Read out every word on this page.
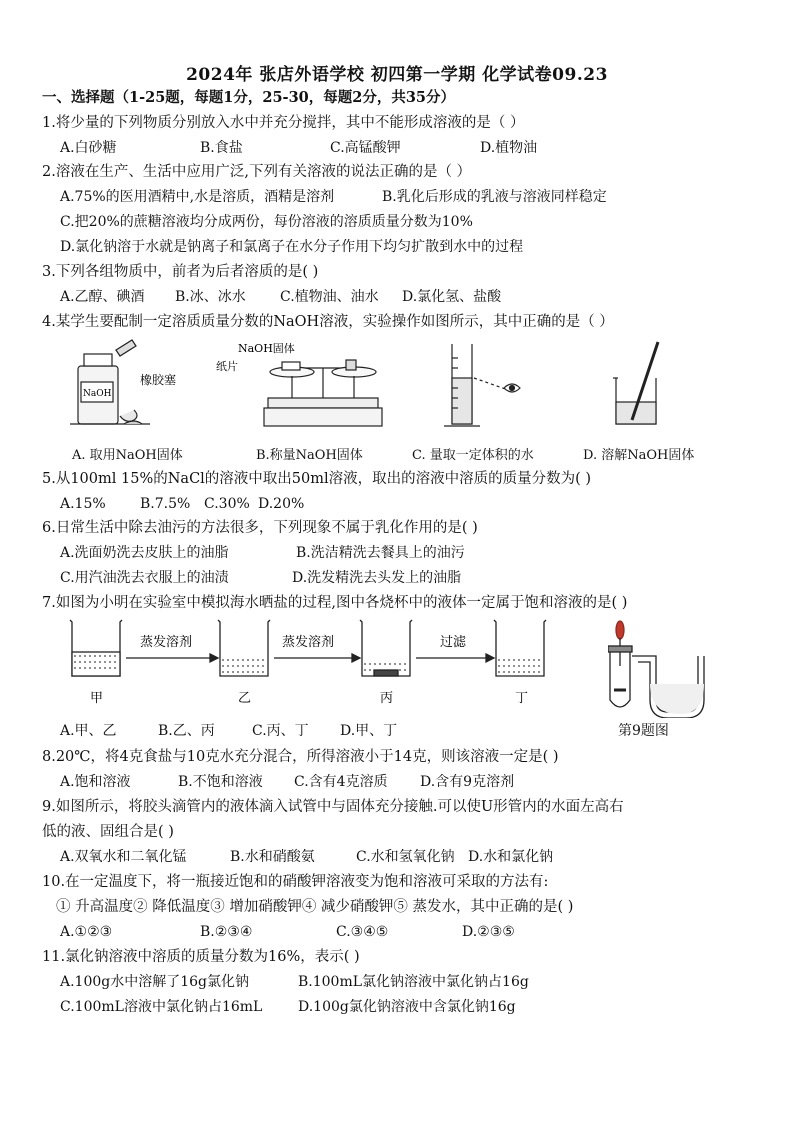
2024年 张店外语学校 初四第一学期 化学试卷09.23
一、选择题（1-25题，每题1分，25-30，每题2分，共35分）
1.将少量的下列物质分别放入水中并充分搅拌，其中不能形成溶液的是（ ）
A.白砂糖	B.食盐	C.高锰酸钾	D.植物油
2.溶液在生产、生活中应用广泛,下列有关溶液的说法正确的是（ ）
A.75%的医用酒精中,水是溶质，酒精是溶剂	B.乳化后形成的乳液与溶液同样稳定
C.把20%的蔗糖溶液均分成两份，每份溶液的溶质质量分数为10%
D.氯化钠溶于水就是钠离子和氯离子在水分子作用下均匀扩散到水中的过程
3.下列各组物质中，前者为后者溶质的是( )
A.乙醇、碘酒 B.冰、冰水 C.植物油、油水 D.氯化氢、盐酸
4.某学生要配制一定溶质质量分数的NaOH溶液，实验操作如图所示，其中正确的是（ ）
NaOH
橡胶塞
NaOH固体
纸片
A. 取用NaOH固体	B.称量NaOH固体	C. 量取一定体积的水	D. 溶解NaOH固体
5.从100ml 15%的NaCl的溶液中取出50ml溶液，取出的溶液中溶质的质量分数为( )
A.15% B.7.5% C.30% D.20%
6.日常生活中除去油污的方法很多，下列现象不属于乳化作用的是( )
A.洗面奶洗去皮肤上的油脂	B.洗洁精洗去餐具上的油污
C.用汽油洗去衣服上的油渍	D.洗发精洗去头发上的油脂
7.如图为小明在实验室中模拟海水晒盐的过程,图中各烧杯中的液体一定属于饱和溶液的是( )
蒸发溶剂	蒸发溶剂	过滤
甲	乙	丙	丁
A.甲、乙	B.乙、丙	C.丙、丁 D.甲、丁	第9题图
8.20℃，将4克食盐与10克水充分混合，所得溶液小于14克，则该溶液一定是( )
A.饱和溶液	B.不饱和溶液 C.含有4克溶质 D.含有9克溶剂
9.如图所示，将胶头滴管内的液体滴入试管中与固体充分接触.可以使U形管内的水面左高右
低的液、固组合是( )
A.双氧水和二氧化锰	B.水和硝酸氨	C.水和氢氧化钠 D.水和氯化钠
10.在一定温度下，将一瓶接近饱和的硝酸钾溶液变为饱和溶液可采取的方法有:
① 升高温度② 降低温度③ 增加硝酸钾④ 减少硝酸钾⑤ 蒸发水，其中正确的是( )
A.①②③	B.②③④	C.③④⑤	D.②③⑤
11.氯化钠溶液中溶质的质量分数为16%，表示( )
A.100g水中溶解了16g氯化钠	B.100mL氯化钠溶液中氯化钠占16g
C.100mL溶液中氯化钠占16mL	D.100g氯化钠溶液中含氯化钠16g
